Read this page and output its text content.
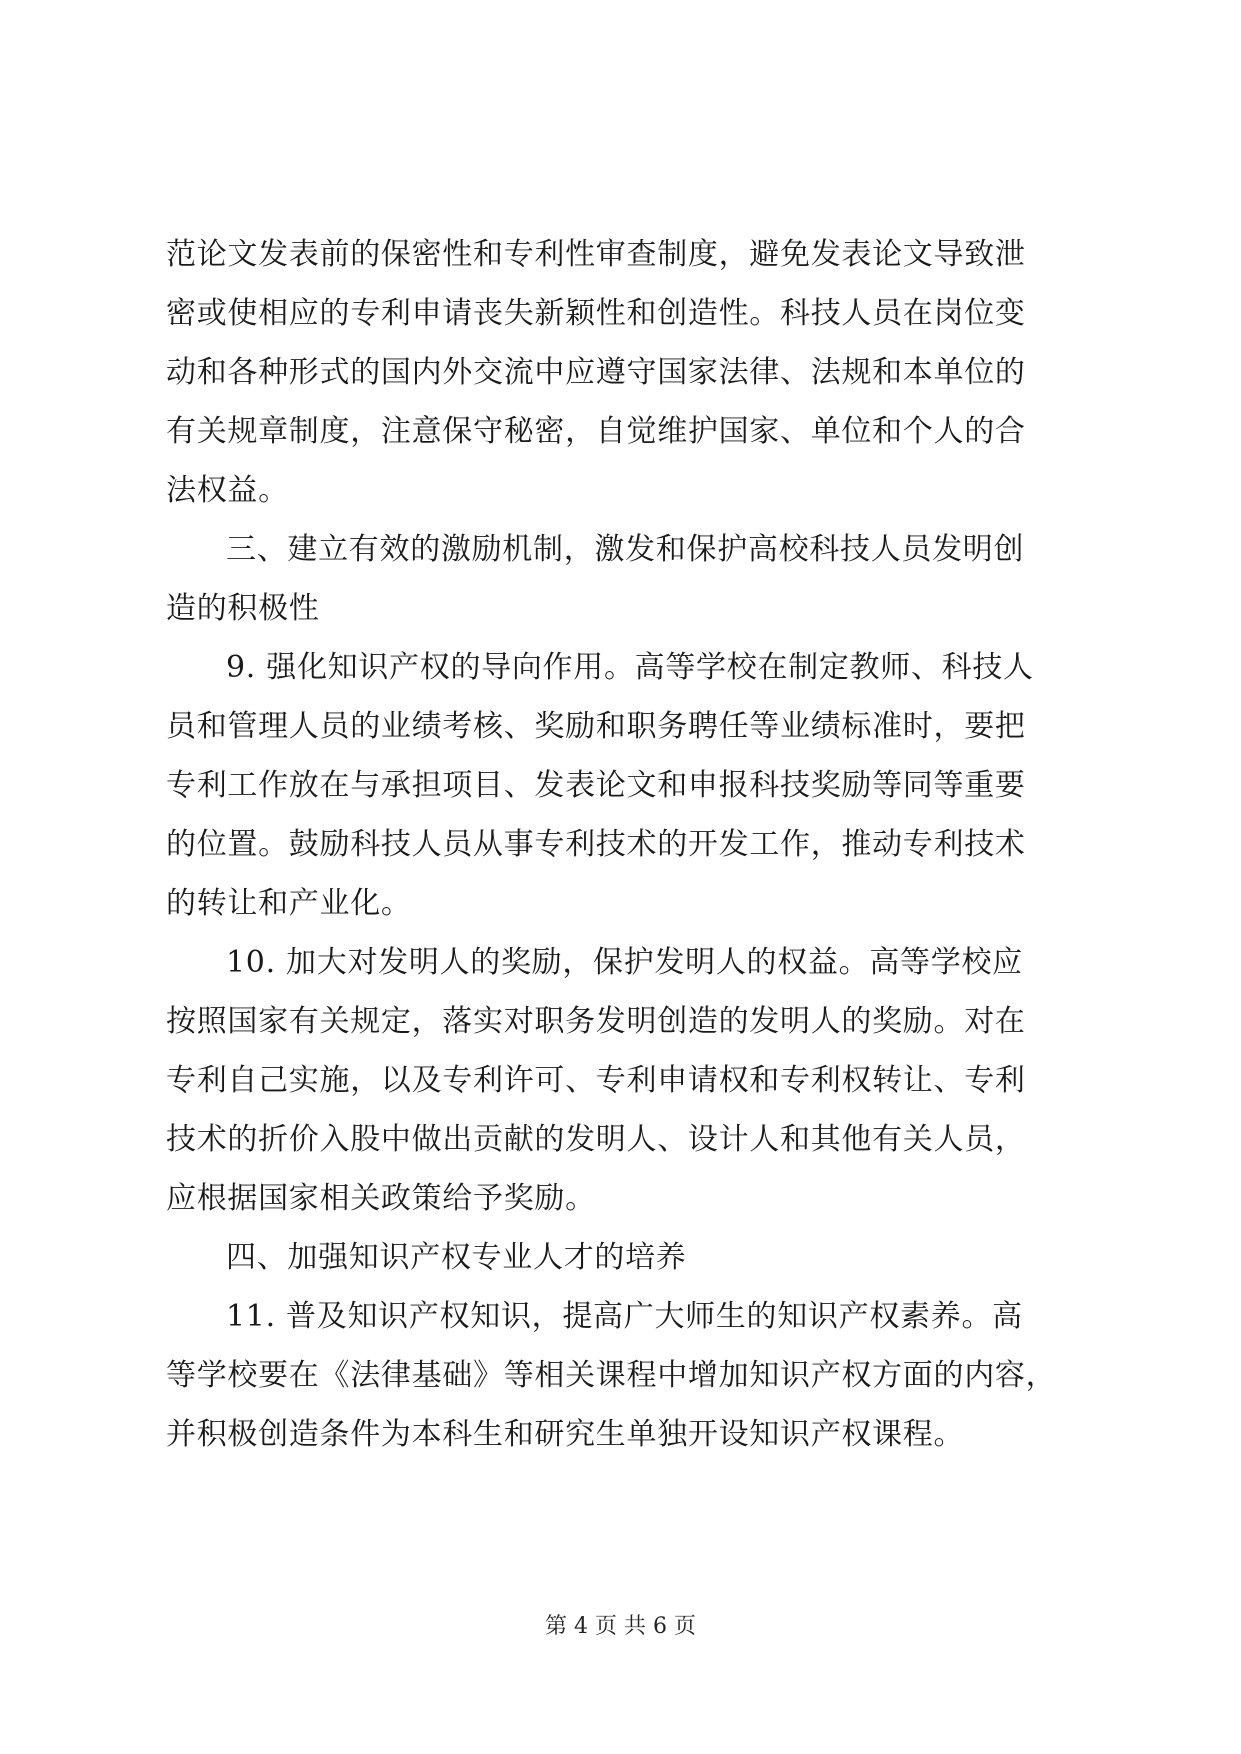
范论文发表前的保密性和专利性审查制度，避免发表论文导致泄
密或使相应的专利申请丧失新颖性和创造性。科技人员在岗位变
动和各种形式的国内外交流中应遵守国家法律、法规和本单位的
有关规章制度，注意保守秘密，自觉维护国家、单位和个人的合
法权益。
三、建立有效的激励机制，激发和保护高校科技人员发明创
造的积极性
9. 强化知识产权的导向作用。高等学校在制定教师、科技人
员和管理人员的业绩考核、奖励和职务聘任等业绩标准时，要把
专利工作放在与承担项目、发表论文和申报科技奖励等同等重要
的位置。鼓励科技人员从事专利技术的开发工作，推动专利技术
的转让和产业化。
10. 加大对发明人的奖励，保护发明人的权益。高等学校应
按照国家有关规定，落实对职务发明创造的发明人的奖励。对在
专利自己实施，以及专利许可、专利申请权和专利权转让、专利
技术的折价入股中做出贡献的发明人、设计人和其他有关人员，
应根据国家相关政策给予奖励。
四、加强知识产权专业人才的培养
11. 普及知识产权知识，提高广大师生的知识产权素养。高
等学校要在《法律基础》等相关课程中增加知识产权方面的内容，
并积极创造条件为本科生和研究生单独开设知识产权课程。
第 4 页 共 6 页
